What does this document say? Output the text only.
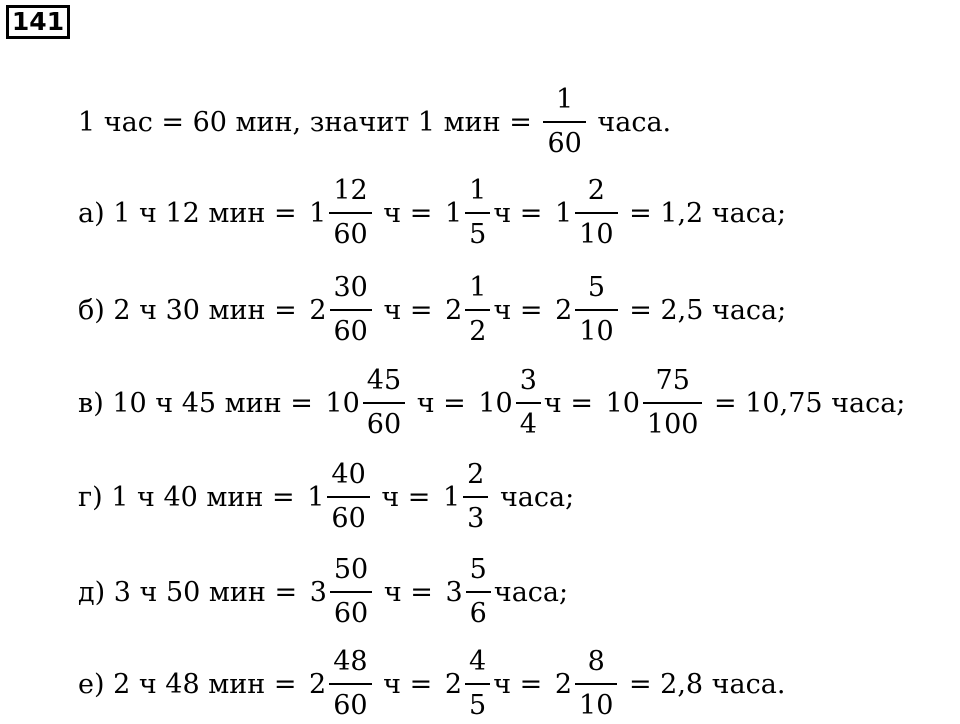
141
1 час = 60 мин, значит 1 мин = $\frac{1}{60}$ часа.
а)
1 ч 12 мин = $1 \frac{12}{60}$ $ч = 1 \frac{1}{5}$ $ч = 1 \frac{2}{10} = 1,2$ часа;
б)
2 ч 30 мин = $2 \frac{30}{60}$ $ч = 2 \frac{1}{2}$ $ч = 2 \frac{5}{10} = 2,5$ часа;
в)
10 ч 45 мин = $10 \frac{45}{60}$ $ч = 10 \frac{3}{4}$ $ч = 10 \frac{75}{100} = 10,75$ часа;
г)
1 ч 40 мин = $1 \frac{40}{60}$ $ч = 1 \frac{2}{3}$ часа;
д)
3 ч 50 мин = $3 \frac{50}{60}$ $ч = 3 \frac{5}{6}$ часа;
е)
2 ч 48 мин = $2 \frac{48}{60}$ $ч = 2 \frac{4}{5}$ $ч = 2 \frac{8}{10} = 2,8$ часа.
